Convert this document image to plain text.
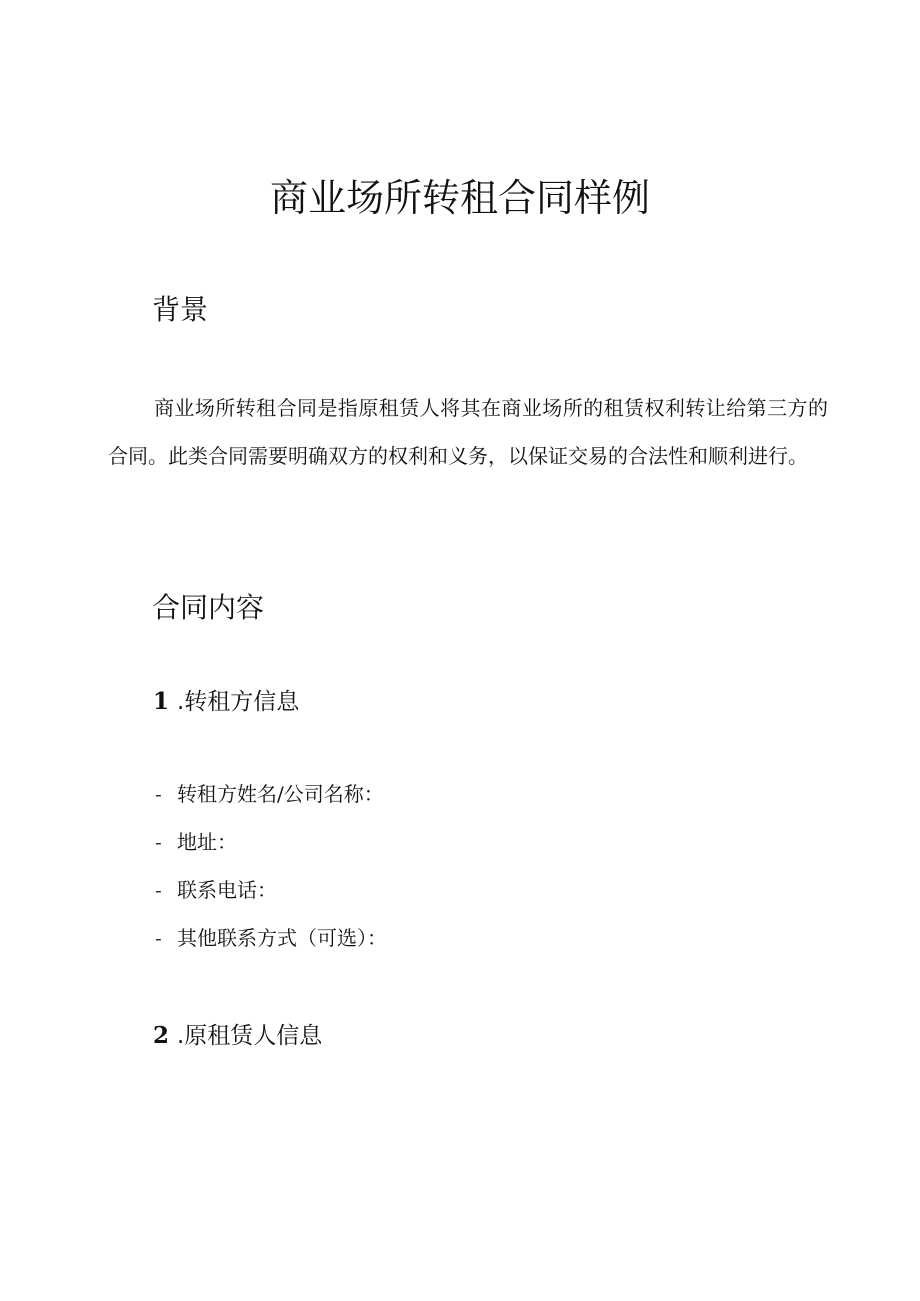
商业场所转租合同样例
背景
商业场所转租合同是指原租赁人将其在商业场所的租赁权利转让给第三方的合同。此类合同需要明确双方的权利和义务，以保证交易的合法性和顺利进行。
合同内容
1 .转租方信息
- 转租方姓名/公司名称：
- 地址：
- 联系电话：
- 其他联系方式（可选）：
2 .原租赁人信息
